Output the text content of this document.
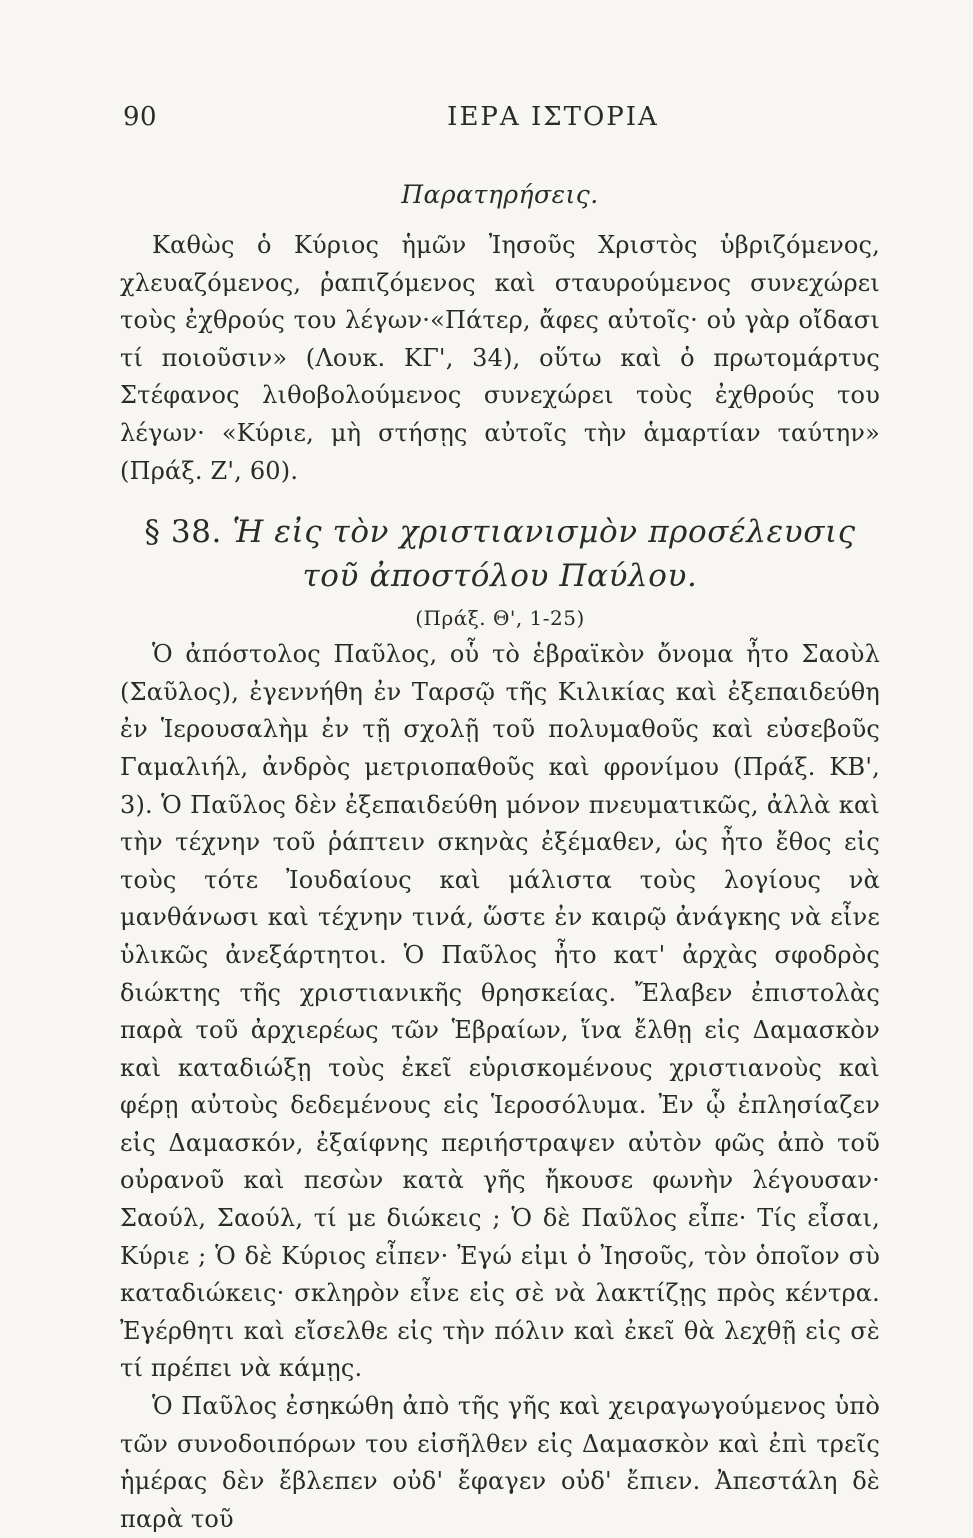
90	ΙΕΡΑ ΙΣΤΟΡΙΑ
Παρατηρήσεις.

Καθὼς ὁ Κύριος ἡμῶν Ἰησοῦς Χριστὸς ὑβριζόμενος, χλευαζόμενος, ῥαπιζόμενος καὶ σταυρούμενος συνεχώρει τοὺς ἐχθρούς του λέγων·«Πάτερ, ἄφες αὐτοῖς· οὐ γὰρ οἴδασι τί ποιοῦσιν» (Λουκ. ΚΓ', 34), οὕτω καὶ ὁ πρωτομάρτυς Στέφανος λιθοβολούμενος συνεχώρει τοὺς ἐχθρούς του λέγων· «Κύριε, μὴ στήσῃς αὐτοῖς τὴν ἁμαρτίαν ταύτην» (Πράξ. Ζ', 60).

§ 38. Ἡ εἰς τὸν χριστιανισμὸν προσέλευσις
τοῦ ἀποστόλου Παύλου.
(Πράξ. Θ', 1-25)

Ὁ ἀπόστολος Παῦλος, οὗ τὸ ἑβραϊκὸν ὄνομα ἦτο Σαοὺλ (Σαῦλος), ἐγεννήθη ἐν Ταρσῷ τῆς Κιλικίας καὶ ἐξεπαιδεύθη ἐν Ἱερουσαλὴμ ἐν τῇ σχολῇ τοῦ πολυμαθοῦς καὶ εὐσεβοῦς Γαμαλιήλ, ἀνδρὸς μετριοπαθοῦς καὶ φρονίμου (Πράξ. ΚΒ', 3). Ὁ Παῦλος δὲν ἐξεπαιδεύθη μόνον πνευματικῶς, ἀλλὰ καὶ τὴν τέχνην τοῦ ῥάπτειν σκηνὰς ἐξέμαθεν, ὡς ἦτο ἔθος εἰς τοὺς τότε Ἰουδαίους καὶ μάλιστα τοὺς λογίους νὰ μανθάνωσι καὶ τέχνην τινά, ὥστε ἐν καιρῷ ἀνάγκης νὰ εἶνε ὑλικῶς ἀνεξάρτητοι. Ὁ Παῦλος ἦτο κατ' ἀρχὰς σφοδρὸς διώκτης τῆς χριστιανικῆς θρησκείας. Ἔλαβεν ἐπιστολὰς παρὰ τοῦ ἀρχιερέως τῶν Ἑβραίων, ἵνα ἔλθῃ εἰς Δαμασκὸν καὶ καταδιώξῃ τοὺς ἐκεῖ εὑρισκομένους χριστιανοὺς καὶ φέρῃ αὐτοὺς δεδεμένους εἰς Ἱεροσόλυμα. Ἐν ᾧ ἐπλησίαζεν εἰς Δαμασκόν, ἐξαίφνης περιήστραψεν αὐτὸν φῶς ἀπὸ τοῦ οὐρανοῦ καὶ πεσὼν κατὰ γῆς ἤκουσε φωνὴν λέγουσαν· Σαούλ, Σαούλ, τί με διώκεις ; Ὁ δὲ Παῦλος εἶπε· Τίς εἶσαι, Κύριε ; Ὁ δὲ Κύριος εἶπεν· Ἐγώ εἰμι ὁ Ἰησοῦς, τὸν ὁποῖον σὺ καταδιώκεις· σκληρὸν εἶνε εἰς σὲ νὰ λακτίζῃς πρὸς κέντρα. Ἐγέρθητι καὶ εἴσελθε εἰς τὴν πόλιν καὶ ἐκεῖ θὰ λεχθῇ εἰς σὲ τί πρέπει νὰ κάμῃς.

Ὁ Παῦλος ἐσηκώθη ἀπὸ τῆς γῆς καὶ χειραγωγούμενος ὑπὸ τῶν συνοδοιπόρων του εἰσῆλθεν εἰς Δαμασκὸν καὶ ἐπὶ τρεῖς ἡμέρας δὲν ἔβλεπεν οὐδ' ἔφαγεν οὐδ' ἔπιεν. Ἀπεστάλη δὲ παρὰ τοῦ
